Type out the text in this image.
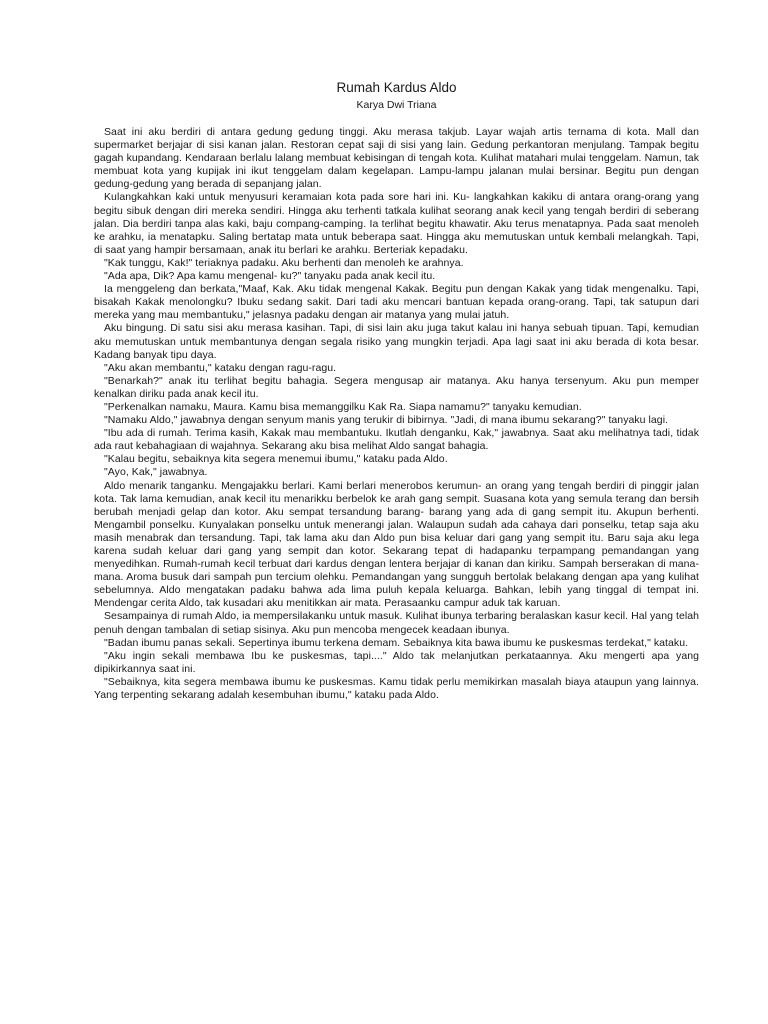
Rumah Kardus Aldo
Karya Dwi Triana

Saat ini aku berdiri di antara gedung gedung tinggi. Aku merasa takjub. Layar wajah artis ternama di kota. Mall dan supermarket berjajar di sisi kanan jalan. Restoran cepat saji di sisi yang lain. Gedung perkantoran menjulang. Tampak begitu gagah kupandang. Kendaraan berlalu lalang membuat kebisingan di tengah kota. Kulihat matahari mulai tenggelam. Namun, tak membuat kota yang kupijak ini ikut tenggelam dalam kegelapan. Lampu-lampu jalanan mulai bersinar. Begitu pun dengan gedung-gedung yang berada di sepanjang jalan.

Kulangkahkan kaki untuk menyusuri keramaian kota pada sore hari ini. Ku- langkahkan kakiku di antara orang-orang yang begitu sibuk dengan diri mereka sendiri. Hingga aku terhenti tatkala kulihat seorang anak kecil yang tengah berdiri di seberang jalan. Dia berdiri tanpa alas kaki, baju compang-camping. Ia terlihat begitu khawatir. Aku terus menatapnya. Pada saat menoleh ke arahku, ia menatapku. Saling bertatap mata untuk beberapa saat. Hingga aku memutuskan untuk kembali melangkah. Tapi, di saat yang hampir bersamaan, anak itu berlari ke arahku. Berteriak kepadaku.

"Kak tunggu, Kak!" teriaknya padaku. Aku berhenti dan menoleh ke arahnya.

"Ada apa, Dik? Apa kamu mengenal- ku?" tanyaku pada anak kecil itu.

Ia menggeleng dan berkata,"Maaf, Kak. Aku tidak mengenal Kakak. Begitu pun dengan Kakak yang tidak mengenalku. Tapi, bisakah Kakak menolongku? Ibuku sedang sakit. Dari tadi aku mencari bantuan kepada orang-orang. Tapi, tak satupun dari mereka yang mau membantuku," jelasnya padaku dengan air matanya yang mulai jatuh.

Aku bingung. Di satu sisi aku merasa kasihan. Tapi, di sisi lain aku juga takut kalau ini hanya sebuah tipuan. Tapi, kemudian aku memutuskan untuk membantunya dengan segala risiko yang mungkin terjadi. Apa lagi saat ini aku berada di kota besar. Kadang banyak tipu daya.

"Aku akan membantu," kataku dengan ragu-ragu.

"Benarkah?" anak itu terlihat begitu bahagia. Segera mengusap air matanya. Aku hanya tersenyum. Aku pun memper kenalkan diriku pada anak kecil itu.

"Perkenalkan namaku, Maura. Kamu bisa memanggilku Kak Ra. Siapa namamu?" tanyaku kemudian.

"Namaku Aldo," jawabnya dengan senyum manis yang terukir di bibirnya. "Jadi, di mana ibumu sekarang?" tanyaku lagi.

"Ibu ada di rumah. Terima kasih, Kakak mau membantuku. Ikutlah denganku, Kak," jawabnya. Saat aku melihatnya tadi, tidak ada raut kebahagiaan di wajahnya. Sekarang aku bisa melihat Aldo sangat bahagia.

"Kalau begitu, sebaiknya kita segera menemui ibumu," kataku pada Aldo.

"Ayo, Kak," jawabnya.

Aldo menarik tanganku. Mengajakku berlari. Kami berlari menerobos kerumun- an orang yang tengah berdiri di pinggir jalan kota. Tak lama kemudian, anak kecil itu menarikku berbelok ke arah gang sempit. Suasana kota yang semula terang dan bersih berubah menjadi gelap dan kotor. Aku sempat tersandung barang- barang yang ada di gang sempit itu. Akupun berhenti. Mengambil ponselku. Kunyalakan ponselku untuk menerangi jalan. Walaupun sudah ada cahaya dari ponselku, tetap saja aku masih menabrak dan tersandung. Tapi, tak lama aku dan Aldo pun bisa keluar dari gang yang sempit itu. Baru saja aku lega karena sudah keluar dari gang yang sempit dan kotor. Sekarang tepat di hadapanku terpampang pemandangan yang menyedihkan. Rumah-rumah kecil terbuat dari kardus dengan lentera berjajar di kanan dan kiriku. Sampah berserakan di mana-mana. Aroma busuk dari sampah pun tercium olehku. Pemandangan yang sungguh bertolak belakang dengan apa yang kulihat sebelumnya. Aldo mengatakan padaku bahwa ada lima puluh kepala keluarga. Bahkan, lebih yang tinggal di tempat ini. Mendengar cerita Aldo, tak kusadari aku menitikkan air mata. Perasaanku campur aduk tak karuan.

Sesampainya di rumah Aldo, ia mempersilakanku untuk masuk. Kulihat ibunya terbaring beralaskan kasur kecil. Hal yang telah penuh dengan tambalan di setiap sisinya. Aku pun mencoba mengecek keadaan ibunya.

"Badan ibumu panas sekali. Sepertinya ibumu terkena demam. Sebaiknya kita bawa ibumu ke puskesmas terdekat," kataku.

"Aku ingin sekali membawa Ibu ke puskesmas, tapi...." Aldo tak melanjutkan perkataannya. Aku mengerti apa yang dipikirkannya saat ini.

"Sebaiknya, kita segera membawa ibumu ke puskesmas. Kamu tidak perlu memikirkan masalah biaya ataupun yang lainnya. Yang terpenting sekarang adalah kesembuhan ibumu," kataku pada Aldo.
